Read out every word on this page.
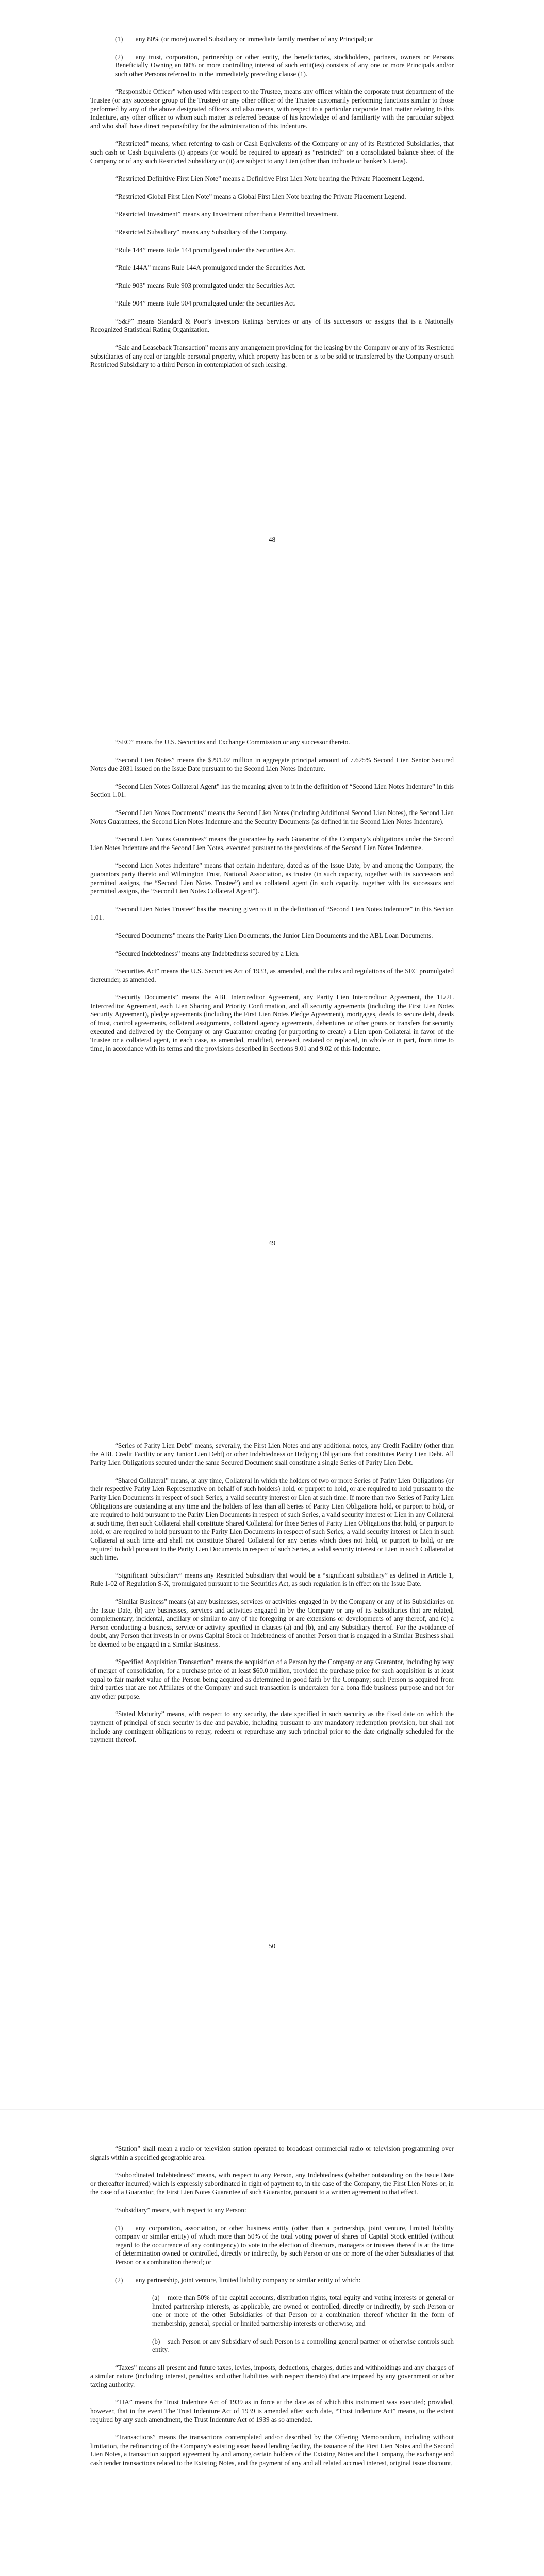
(1) any 80% (or more) owned Subsidiary or immediate family member of any Principal; or

(2) any trust, corporation, partnership or other entity, the beneficiaries, stockholders, partners, owners or Persons Beneficially Owning an 80% or more controlling interest of such entit(ies) consists of any one or more Principals and/or such other Persons referred to in the immediately preceding clause (1).

“Responsible Officer” when used with respect to the Trustee, means any officer within the corporate trust department of the Trustee (or any successor group of the Trustee) or any other officer of the Trustee customarily performing functions similar to those performed by any of the above designated officers and also means, with respect to a particular corporate trust matter relating to this Indenture, any other officer to whom such matter is referred because of his knowledge of and familiarity with the particular subject and who shall have direct responsibility for the administration of this Indenture.

“Restricted” means, when referring to cash or Cash Equivalents of the Company or any of its Restricted Subsidiaries, that such cash or Cash Equivalents (i) appears (or would be required to appear) as “restricted” on a consolidated balance sheet of the Company or of any such Restricted Subsidiary or (ii) are subject to any Lien (other than inchoate or banker’s Liens).

“Restricted Definitive First Lien Note” means a Definitive First Lien Note bearing the Private Placement Legend.

“Restricted Global First Lien Note” means a Global First Lien Note bearing the Private Placement Legend.

“Restricted Investment” means any Investment other than a Permitted Investment.

“Restricted Subsidiary” means any Subsidiary of the Company.

“Rule 144” means Rule 144 promulgated under the Securities Act.

“Rule 144A” means Rule 144A promulgated under the Securities Act.

“Rule 903” means Rule 903 promulgated under the Securities Act.

“Rule 904” means Rule 904 promulgated under the Securities Act.

“S&P” means Standard & Poor’s Investors Ratings Services or any of its successors or assigns that is a Nationally Recognized Statistical Rating Organization.

“Sale and Leaseback Transaction” means any arrangement providing for the leasing by the Company or any of its Restricted Subsidiaries of any real or tangible personal property, which property has been or is to be sold or transferred by the Company or such Restricted Subsidiary to a third Person in contemplation of such leasing.

48

“SEC” means the U.S. Securities and Exchange Commission or any successor thereto.

“Second Lien Notes” means the $291.02 million in aggregate principal amount of 7.625% Second Lien Senior Secured Notes due 2031 issued on the Issue Date pursuant to the Second Lien Notes Indenture.

“Second Lien Notes Collateral Agent” has the meaning given to it in the definition of “Second Lien Notes Indenture” in this Section 1.01.

“Second Lien Notes Documents” means the Second Lien Notes (including Additional Second Lien Notes), the Second Lien Notes Guarantees, the Second Lien Notes Indenture and the Security Documents (as defined in the Second Lien Notes Indenture).

“Second Lien Notes Guarantees” means the guarantee by each Guarantor of the Company’s obligations under the Second Lien Notes Indenture and the Second Lien Notes, executed pursuant to the provisions of the Second Lien Notes Indenture.

“Second Lien Notes Indenture” means that certain Indenture, dated as of the Issue Date, by and among the Company, the guarantors party thereto and Wilmington Trust, National Association, as trustee (in such capacity, together with its successors and permitted assigns, the “Second Lien Notes Trustee”) and as collateral agent (in such capacity, together with its successors and permitted assigns, the “Second Lien Notes Collateral Agent”).

“Second Lien Notes Trustee” has the meaning given to it in the definition of “Second Lien Notes Indenture” in this Section 1.01.

“Secured Documents” means the Parity Lien Documents, the Junior Lien Documents and the ABL Loan Documents.

“Secured Indebtedness” means any Indebtedness secured by a Lien.

“Securities Act” means the U.S. Securities Act of 1933, as amended, and the rules and regulations of the SEC promulgated thereunder, as amended.

“Security Documents” means the ABL Intercreditor Agreement, any Parity Lien Intercreditor Agreement, the 1L/2L Intercreditor Agreement, each Lien Sharing and Priority Confirmation, and all security agreements (including the First Lien Notes Security Agreement), pledge agreements (including the First Lien Notes Pledge Agreement), mortgages, deeds to secure debt, deeds of trust, control agreements, collateral assignments, collateral agency agreements, debentures or other grants or transfers for security executed and delivered by the Company or any Guarantor creating (or purporting to create) a Lien upon Collateral in favor of the Trustee or a collateral agent, in each case, as amended, modified, renewed, restated or replaced, in whole or in part, from time to time, in accordance with its terms and the provisions described in Sections 9.01 and 9.02 of this Indenture.

49

“Series of Parity Lien Debt” means, severally, the First Lien Notes and any additional notes, any Credit Facility (other than the ABL Credit Facility or any Junior Lien Debt) or other Indebtedness or Hedging Obligations that constitutes Parity Lien Debt. All Parity Lien Obligations secured under the same Secured Document shall constitute a single Series of Parity Lien Debt.

“Shared Collateral” means, at any time, Collateral in which the holders of two or more Series of Parity Lien Obligations (or their respective Parity Lien Representative on behalf of such holders) hold, or purport to hold, or are required to hold pursuant to the Parity Lien Documents in respect of such Series, a valid security interest or Lien at such time. If more than two Series of Parity Lien Obligations are outstanding at any time and the holders of less than all Series of Parity Lien Obligations hold, or purport to hold, or are required to hold pursuant to the Parity Lien Documents in respect of such Series, a valid security interest or Lien in any Collateral at such time, then such Collateral shall constitute Shared Collateral for those Series of Parity Lien Obligations that hold, or purport to hold, or are required to hold pursuant to the Parity Lien Documents in respect of such Series, a valid security interest or Lien in such Collateral at such time and shall not constitute Shared Collateral for any Series which does not hold, or purport to hold, or are required to hold pursuant to the Parity Lien Documents in respect of such Series, a valid security interest or Lien in such Collateral at such time.

“Significant Subsidiary” means any Restricted Subsidiary that would be a “significant subsidiary” as defined in Article 1, Rule 1-02 of Regulation S-X, promulgated pursuant to the Securities Act, as such regulation is in effect on the Issue Date.

“Similar Business” means (a) any businesses, services or activities engaged in by the Company or any of its Subsidiaries on the Issue Date, (b) any businesses, services and activities engaged in by the Company or any of its Subsidiaries that are related, complementary, incidental, ancillary or similar to any of the foregoing or are extensions or developments of any thereof, and (c) a Person conducting a business, service or activity specified in clauses (a) and (b), and any Subsidiary thereof. For the avoidance of doubt, any Person that invests in or owns Capital Stock or Indebtedness of another Person that is engaged in a Similar Business shall be deemed to be engaged in a Similar Business.

“Specified Acquisition Transaction” means the acquisition of a Person by the Company or any Guarantor, including by way of merger of consolidation, for a purchase price of at least $60.0 million, provided the purchase price for such acquisition is at least equal to fair market value of the Person being acquired as determined in good faith by the Company; such Person is acquired from third parties that are not Affiliates of the Company and such transaction is undertaken for a bona fide business purpose and not for any other purpose.

“Stated Maturity” means, with respect to any security, the date specified in such security as the fixed date on which the payment of principal of such security is due and payable, including pursuant to any mandatory redemption provision, but shall not include any contingent obligations to repay, redeem or repurchase any such principal prior to the date originally scheduled for the payment thereof.

50

“Station” shall mean a radio or television station operated to broadcast commercial radio or television programming over signals within a specified geographic area.

“Subordinated Indebtedness” means, with respect to any Person, any Indebtedness (whether outstanding on the Issue Date or thereafter incurred) which is expressly subordinated in right of payment to, in the case of the Company, the First Lien Notes or, in the case of a Guarantor, the First Lien Notes Guarantee of such Guarantor, pursuant to a written agreement to that effect.

“Subsidiary” means, with respect to any Person:

(1) any corporation, association, or other business entity (other than a partnership, joint venture, limited liability company or similar entity) of which more than 50% of the total voting power of shares of Capital Stock entitled (without regard to the occurrence of any contingency) to vote in the election of directors, managers or trustees thereof is at the time of determination owned or controlled, directly or indirectly, by such Person or one or more of the other Subsidiaries of that Person or a combination thereof; or

(2) any partnership, joint venture, limited liability company or similar entity of which:

(a) more than 50% of the capital accounts, distribution rights, total equity and voting interests or general or limited partnership interests, as applicable, are owned or controlled, directly or indirectly, by such Person or one or more of the other Subsidiaries of that Person or a combination thereof whether in the form of membership, general, special or limited partnership interests or otherwise; and

(b) such Person or any Subsidiary of such Person is a controlling general partner or otherwise controls such entity.

“Taxes” means all present and future taxes, levies, imposts, deductions, charges, duties and withholdings and any charges of a similar nature (including interest, penalties and other liabilities with respect thereto) that are imposed by any government or other taxing authority.

“TIA” means the Trust Indenture Act of 1939 as in force at the date as of which this instrument was executed; provided, however, that in the event The Trust Indenture Act of 1939 is amended after such date, “Trust Indenture Act” means, to the extent required by any such amendment, the Trust Indenture Act of 1939 as so amended.

“Transactions” means the transactions contemplated and/or described by the Offering Memorandum, including without limitation, the refinancing of the Company’s existing asset based lending facility, the issuance of the First Lien Notes and the Second Lien Notes, a transaction support agreement by and among certain holders of the Existing Notes and the Company, the exchange and cash tender transactions related to the Existing Notes, and the payment of any and all related accrued interest, original issue discount,
